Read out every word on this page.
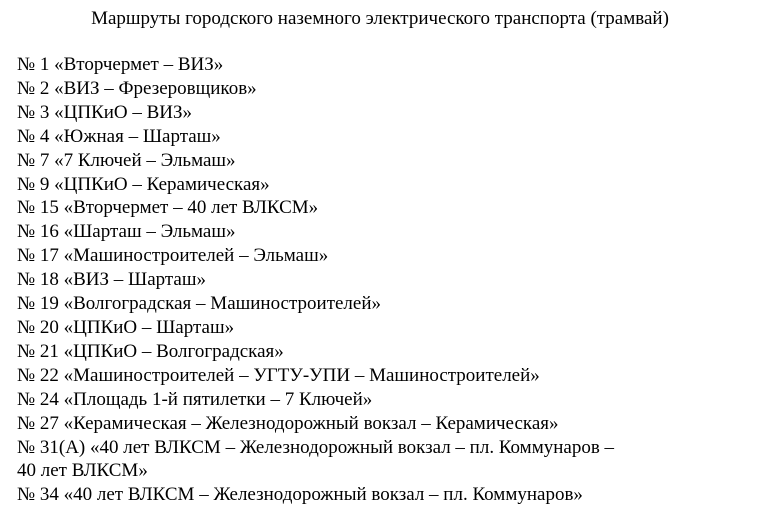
Маршруты городского наземного электрического транспорта (трамвай)
№ 1 «Вторчермет – ВИЗ»
№ 2 «ВИЗ – Фрезеровщиков»
№ 3 «ЦПКиО – ВИЗ»
№ 4 «Южная – Шарташ»
№ 7 «7 Ключей – Эльмаш»
№ 9 «ЦПКиО – Керамическая»
№ 15 «Вторчермет – 40 лет ВЛКСМ»
№ 16 «Шарташ – Эльмаш»
№ 17 «Машиностроителей – Эльмаш»
№ 18 «ВИЗ – Шарташ»
№ 19 «Волгоградская – Машиностроителей»
№ 20 «ЦПКиО – Шарташ»
№ 21 «ЦПКиО – Волгоградская»
№ 22 «Машиностроителей – УГТУ-УПИ – Машиностроителей»
№ 24 «Площадь 1-й пятилетки – 7 Ключей»
№ 27 «Керамическая – Железнодорожный вокзал – Керамическая»
№ 31(А) «40 лет ВЛКСМ – Железнодорожный вокзал – пл. Коммунаров –
40 лет ВЛКСМ»
№ 34 «40 лет ВЛКСМ – Железнодорожный вокзал – пл. Коммунаров»
